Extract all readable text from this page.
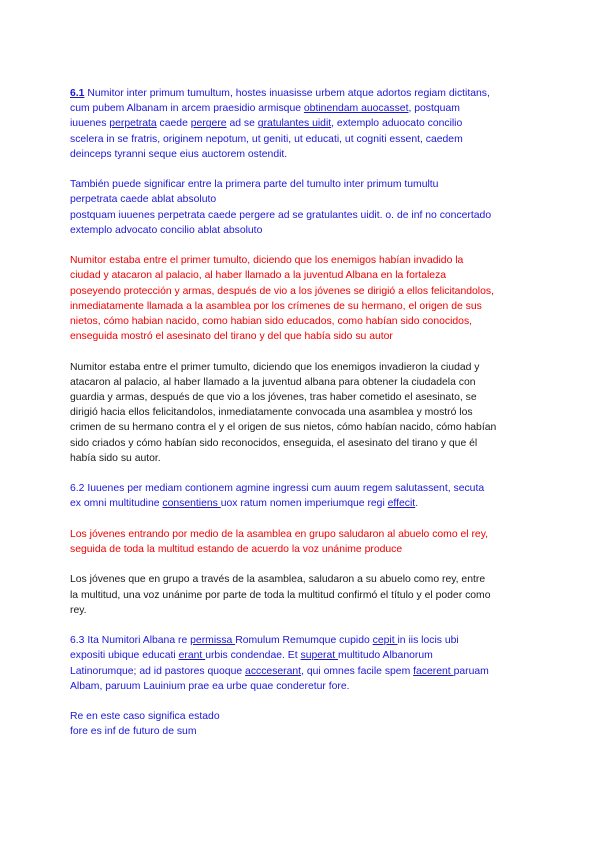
6.1 Numitor inter primum tumultum, hostes inuasisse urbem atque adortos regiam dictitans,
cum pubem Albanam in arcem praesidio armisque obtinendam auocasset, postquam
iuuenes perpetrata caede pergere ad se gratulantes uidit, extemplo aduocato concilio
scelera in se fratris, originem nepotum, ut geniti, ut educati, ut cogniti essent, caedem
deinceps tyranni seque eius auctorem ostendit.
También puede significar entre la primera parte del tumulto inter primum tumultu
perpetrata caede ablat absoluto
postquam iuuenes perpetrata caede pergere ad se gratulantes uidit. o. de inf no concertado
extemplo advocato concilio ablat absoluto
Numitor estaba entre el primer tumulto, diciendo que los enemigos habían invadido la
ciudad y atacaron al palacio, al haber llamado a la juventud Albana en la fortaleza
poseyendo protección y armas, después de vio a los jóvenes se dirigió a ellos felicitandolos,
inmediatamente llamada a la asamblea por los crímenes de su hermano, el origen de sus
nietos, cómo habian nacido, como habian sido educados, como habían sido conocidos,
enseguida mostró el asesinato del tirano y del que había sido su autor
Numitor estaba entre el primer tumulto, diciendo que los enemigos invadieron la ciudad y
atacaron al palacio, al haber llamado a la juventud albana para obtener la ciudadela con
guardia y armas, después de que vio a los jóvenes, tras haber cometido el asesinato, se
dirigió hacia ellos felicitandolos, inmediatamente convocada una asamblea y mostró los
crimen de su hermano contra el y el origen de sus nietos, cómo habían nacido, cómo habían
sido criados y cómo habían sido reconocidos, enseguida, el asesinato del tirano y que él
había sido su autor.
6.2 Iuuenes per mediam contionem agmine ingressi cum auum regem salutassent, secuta
ex omni multitudine consentiens uox ratum nomen imperiumque regi effecit.
Los jóvenes entrando por medio de la asamblea en grupo saludaron al abuelo como el rey,
seguida de toda la multitud estando de acuerdo la voz unánime produce
Los jóvenes que en grupo a través de la asamblea, saludaron a su abuelo como rey, entre
la multitud, una voz unánime por parte de toda la multitud confirmó el título y el poder como
rey.
6.3 Ita Numitori Albana re permissa Romulum Remumque cupido cepit in iis locis ubi
expositi ubique educati erant urbis condendae. Et superat multitudo Albanorum
Latinorumque; ad id pastores quoque accceserant, qui omnes facile spem facerent paruam
Albam, paruum Lauinium prae ea urbe quae conderetur fore.
Re en este caso significa estado
fore es inf de futuro de sum
